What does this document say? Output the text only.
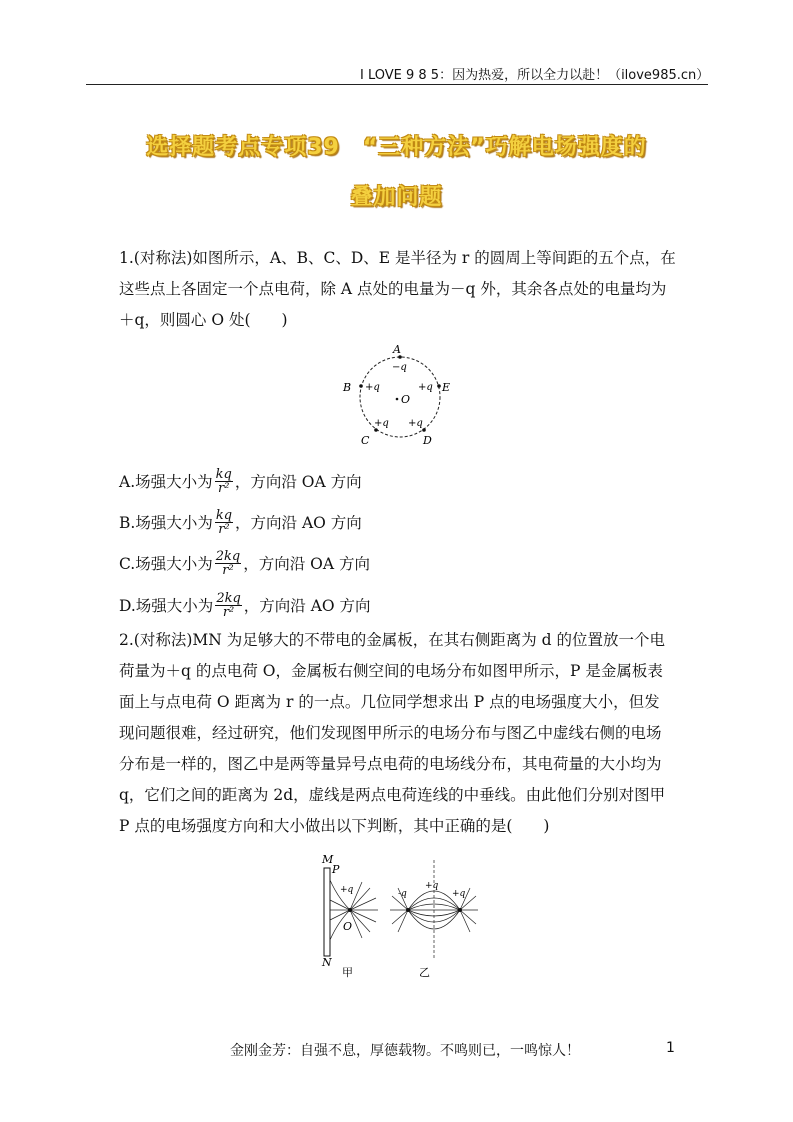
I LOVE 9 8 5：因为热爱，所以全力以赴！（ilove985.cn）
选择题考点专项39　“三种方法”巧解电场强度的
叠加问题
1.(对称法)如图所示，A、B、C、D、E 是半径为 r 的圆周上等间距的五个点，在
这些点上各固定一个点电荷，除 A 点处的电量为－q 外，其余各点处的电量均为
＋q，则圆心 O 处(　　)
A
−q
B +q	+q E
O
+q +q
C	D
A.场强大小为 $\frac{kq}{\text{r²}}$ ，方向沿 OA 方向
B.场强大小为 $\frac{kq}{\text{r²}}$ ，方向沿 AO 方向
C.场强大小为 $\frac{2kq}{\text{r²}}$ ，方向沿 OA 方向
D.场强大小为 $\frac{2kq}{\text{r²}}$ ，方向沿 AO 方向
2.(对称法)MN 为足够大的不带电的金属板，在其右侧距离为 d 的位置放一个电
荷量为＋q 的点电荷 O，金属板右侧空间的电场分布如图甲所示，P 是金属板表
面上与点电荷 O 距离为 r 的一点。几位同学想求出 P 点的电场强度大小，但发
现问题很难，经过研究，他们发现图甲所示的电场分布与图乙中虚线右侧的电场
分布是一样的，图乙中是两等量异号点电荷的电场线分布，其电荷量的大小均为
q，它们之间的距离为 2d，虚线是两点电荷连线的中垂线。由此他们分别对图甲
P 点的电场强度方向和大小做出以下判断，其中正确的是(　　)
M
P
N
O
+q
甲
-q
+q
+q
乙
金刚金芳：自强不息，厚德载物。不鸣则已，一鸣惊人！	1
